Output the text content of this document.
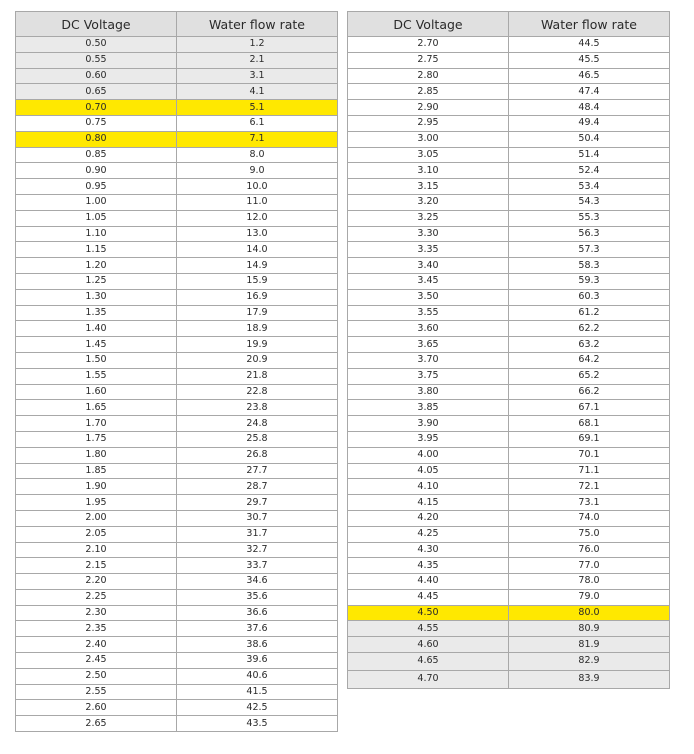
DC Voltage	Water flow rate
0.50	1.2
0.55	2.1
0.60	3.1
0.65	4.1
0.70	5.1
0.75	6.1
0.80	7.1
0.85	8.0
0.90	9.0
0.95	10.0
1.00	11.0
1.05	12.0
1.10	13.0
1.15	14.0
1.20	14.9
1.25	15.9
1.30	16.9
1.35	17.9
1.40	18.9
1.45	19.9
1.50	20.9
1.55	21.8
1.60	22.8
1.65	23.8
1.70	24.8
1.75	25.8
1.80	26.8
1.85	27.7
1.90	28.7
1.95	29.7
2.00	30.7
2.05	31.7
2.10	32.7
2.15	33.7
2.20	34.6
2.25	35.6
2.30	36.6
2.35	37.6
2.40	38.6
2.45	39.6
2.50	40.6
2.55	41.5
2.60	42.5
2.65	43.5
DC Voltage	Water flow rate
2.70	44.5
2.75	45.5
2.80	46.5
2.85	47.4
2.90	48.4
2.95	49.4
3.00	50.4
3.05	51.4
3.10	52.4
3.15	53.4
3.20	54.3
3.25	55.3
3.30	56.3
3.35	57.3
3.40	58.3
3.45	59.3
3.50	60.3
3.55	61.2
3.60	62.2
3.65	63.2
3.70	64.2
3.75	65.2
3.80	66.2
3.85	67.1
3.90	68.1
3.95	69.1
4.00	70.1
4.05	71.1
4.10	72.1
4.15	73.1
4.20	74.0
4.25	75.0
4.30	76.0
4.35	77.0
4.40	78.0
4.45	79.0
4.50	80.0
4.55	80.9
4.60	81.9
4.65	82.9
4.70	83.9
